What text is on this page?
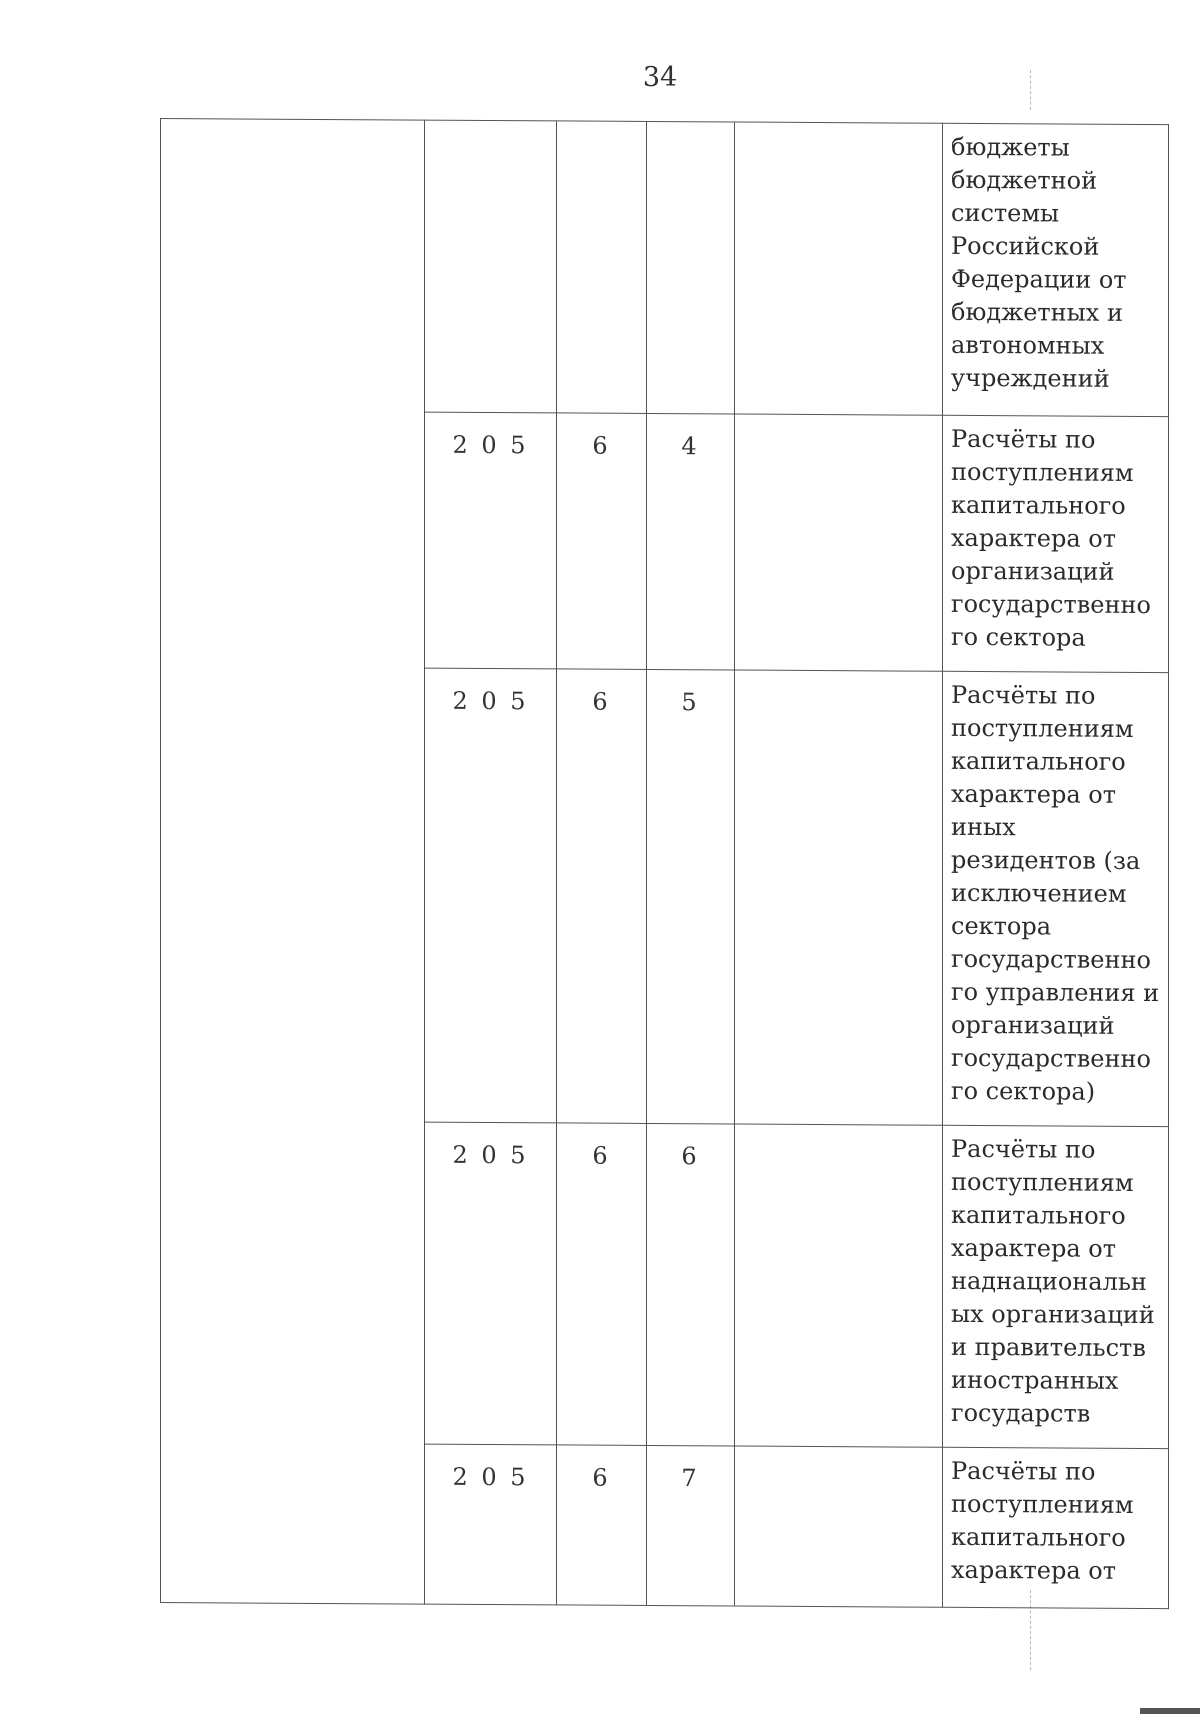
34
					бюджеты бюджетной системы Российской Федерации от бюджетных и автономных учреждений
	2 0 5	6	4		Расчёты по поступлениям капитального характера от организаций государственного сектора
	2 0 5	6	5		Расчёты по поступлениям капитального характера от иных резидентов (за исключением сектора государственного управления и организаций государственного сектора)
	2 0 5	6	6		Расчёты по поступлениям капитального характера от наднациональных организаций и правительств иностранных государств
	2 0 5	6	7		Расчёты по поступлениям капитального характера от
